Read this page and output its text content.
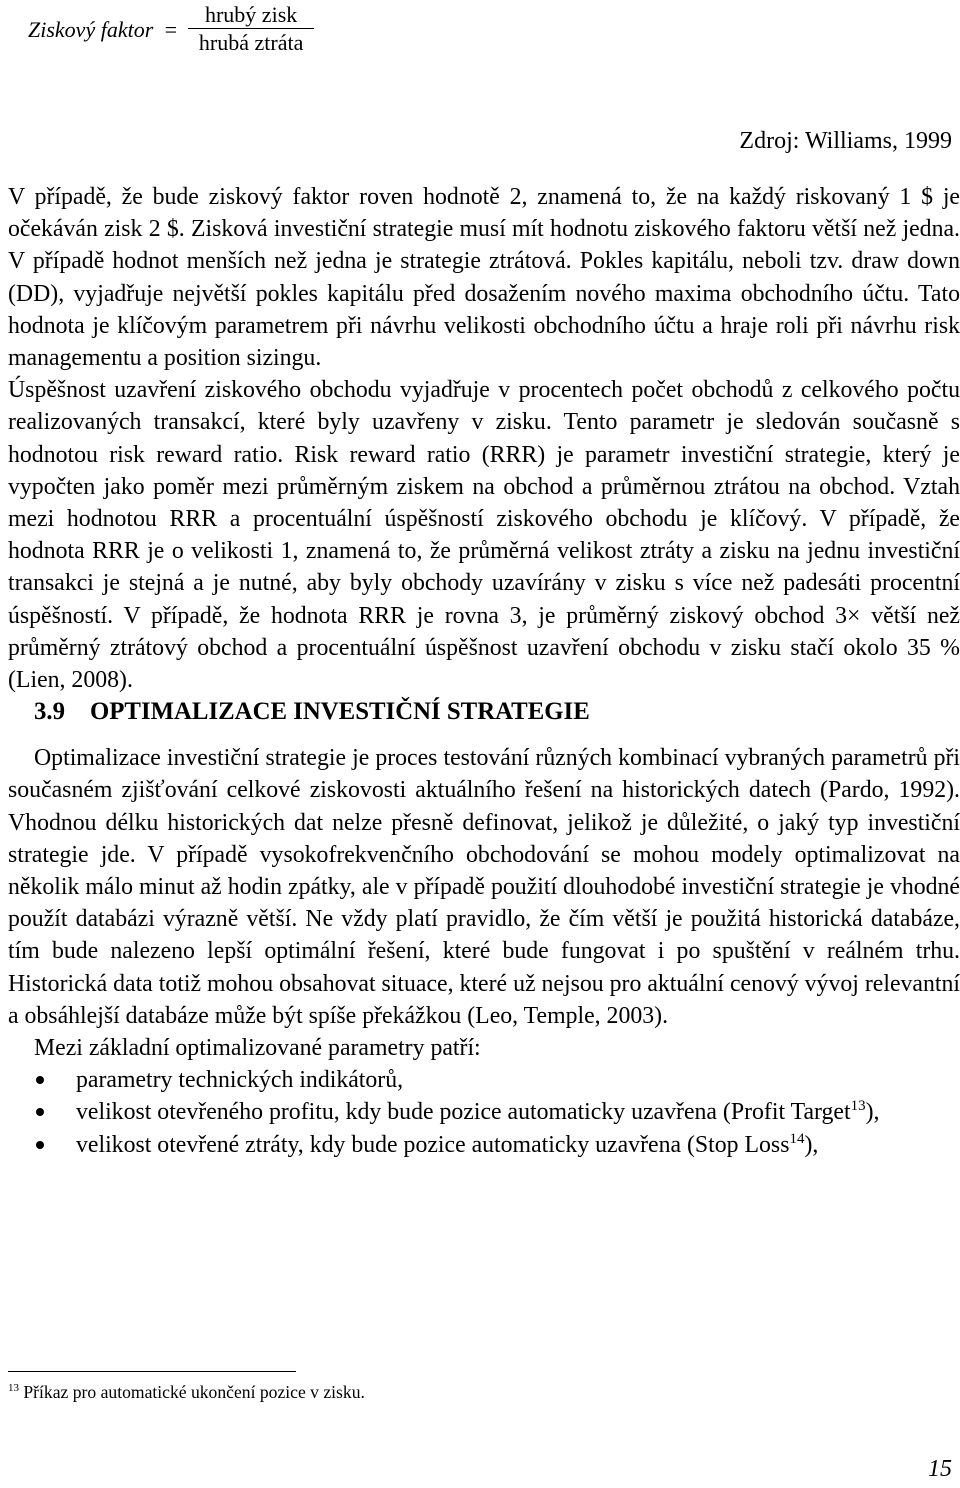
Ziskový faktor = $\frac{\text{hrubý zisk}}{\text{hrubá ztráta}}$
Zdroj: Williams, 1999

V případě, že bude ziskový faktor roven hodnotě 2, znamená to, že na každý riskovaný 1 $ je očekáván zisk 2 $. Zisková investiční strategie musí mít hodnotu ziskového faktoru větší než jedna. V případě hodnot menších než jedna je strategie ztrátová. Pokles kapitálu, neboli tzv. draw down (DD), vyjadřuje největší pokles kapitálu před dosažením nového maxima obchodního účtu. Tato hodnota je klíčovým parametrem při návrhu velikosti obchodního účtu a hraje roli při návrhu risk managementu a position sizingu.

Úspěšnost uzavření ziskového obchodu vyjadřuje v procentech počet obchodů z celkového počtu realizovaných transakcí, které byly uzavřeny v zisku. Tento parametr je sledován současně s hodnotou risk reward ratio. Risk reward ratio (RRR) je parametr investiční strategie, který je vypočten jako poměr mezi průměrným ziskem na obchod a průměrnou ztrátou na obchod. Vztah mezi hodnotou RRR a procentuální úspěšností ziskového obchodu je klíčový. V případě, že hodnota RRR je o velikosti 1, znamená to, že průměrná velikost ztráty a zisku na jednu investiční transakci je stejná a je nutné, aby byly obchody uzavírány v zisku s více než padesáti procentní úspěšností. V případě, že hodnota RRR je rovna 3, je průměrný ziskový obchod 3× větší než průměrný ztrátový obchod a procentuální úspěšnost uzavření obchodu v zisku stačí okolo 35 % (Lien, 2008).

3.9 OPTIMALIZACE INVESTIČNÍ STRATEGIE

Optimalizace investiční strategie je proces testování různých kombinací vybraných parametrů při současném zjišťování celkové ziskovosti aktuálního řešení na historických datech (Pardo, 1992). Vhodnou délku historických dat nelze přesně definovat, jelikož je důležité, o jaký typ investiční strategie jde. V případě vysokofrekvenčního obchodování se mohou modely optimalizovat na několik málo minut až hodin zpátky, ale v případě použití dlouhodobé investiční strategie je vhodné použít databázi výrazně větší. Ne vždy platí pravidlo, že čím větší je použitá historická databáze, tím bude nalezeno lepší optimální řešení, které bude fungovat i po spuštění v reálném trhu. Historická data totiž mohou obsahovat situace, které už nejsou pro aktuální cenový vývoj relevantní a obsáhlejší databáze může být spíše překážkou (Leo, Temple, 2003).

Mezi základní optimalizované parametry patří:

parametry technických indikátorů,
velikost otevřeného profitu, kdy bude pozice automaticky uzavřena (Profit Target$^{13}$),
velikost otevřené ztráty, kdy bude pozice automaticky uzavřena (Stop Loss$^{14}$),
$^{13}$ Příkaz pro automatické ukončení pozice v zisku.
15
